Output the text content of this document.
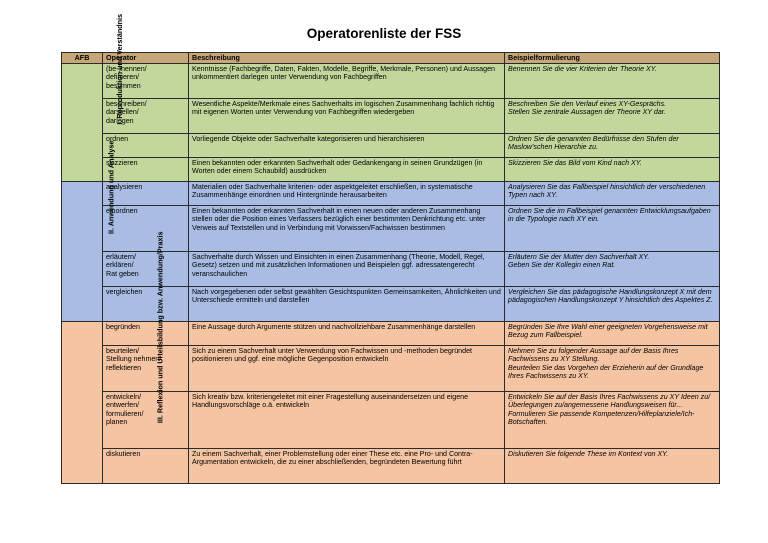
Operatorenliste der FSS
AFB	Operator	Beschreibung	Beispielformulierung
I. Reproduktion und Verständnis	(be-)nennen/
definieren/
bestimmen	Kenntnisse (Fachbegriffe, Daten, Fakten, Modelle, Begriffe, Merkmale, Personen) und Aussagen unkommentiert darlegen unter Verwendung von Fachbegriffen	Benennen Sie die vier Kriterien der Theorie XY.
	beschreiben/
darstellen/
darlegen	Wesentliche Aspekte/Merkmale eines Sachverhalts im logischen Zusammenhang fachlich richtig mit eigenen Worten unter Verwendung von Fachbegriffen wiedergeben	Beschreiben Sie den Verlauf eines XY-Gesprächs.
Stellen Sie zentrale Aussagen der Theorie XY dar.
	ordnen	Vorliegende Objekte oder Sachverhalte kategorisieren und hierarchisieren	Ordnen Sie die genannten Bedürfnisse den Stufen der Maslow'schen Hierarchie zu.
	skizzieren	Einen bekannten oder erkannten Sachverhalt oder Gedankengang in seinen Grundzügen (in Worten oder einem Schaubild) ausdrücken	Skizzieren Sie das Bild vom Kind nach XY.
II. Anwendung und Analyse	analysieren	Materialien oder Sachverhalte kriterien- oder aspektgeleitet erschließen, in systematische Zusammenhänge einordnen und Hintergründe herausarbeiten	Analysieren Sie das Fallbeispiel hinsichtlich der verschiedenen Typen nach XY.
	einordnen	Einen bekannten oder erkannten Sachverhalt in einen neuen oder anderen Zusammenhang stellen oder die Position eines Verfassers bezüglich einer bestimmten Denkrichtung etc. unter Verweis auf Textstellen und in Verbindung mit Vorwissen/Fachwissen bestimmen	Ordnen Sie die im Fallbeispiel genannten Entwicklungsaufgaben in die Typologie nach XY ein.
	erläutern/
erklären/
Rat geben	Sachverhalte durch Wissen und Einsichten in einen Zusammenhang (Theorie, Modell, Regel, Gesetz) setzen und mit zusätzlichen Informationen und Beispielen ggf. adressatengerecht veranschaulichen	Erläutern Sie der Mutter den Sachverhalt XY.
Geben Sie der Kollegin einen Rat.
	vergleichen	Nach vorgegebenen oder selbst gewählten Gesichtspunkten Gemeinsamkeiten, Ähnlichkeiten und Unterschiede ermitteln und darstellen	Vergleichen Sie das pädagogische Handlungskonzept X mit dem pädagogischen Handlungskonzept Y hinsichtlich des Aspektes Z.
III. Reflexion und Urteilsbildung bzw. Anwendung/Praxis	begründen	Eine Aussage durch Argumente stützen und nachvollziehbare Zusammenhänge darstellen	Begründen Sie Ihre Wahl einer geeigneten Vorgehensweise mit Bezug zum Fallbeispiel.
	beurteilen/
Stellung nehmen/
reflektieren	Sich zu einem Sachverhalt unter Verwendung von Fachwissen und -methoden begründet positionieren und ggf. eine mögliche Gegenposition entwickeln	Nehmen Sie zu folgender Aussage auf der Basis Ihres Fachwissens zu XY Stellung.
Beurteilen Sie das Vorgehen der Erzieherin auf der Grundlage Ihres Fachwissens zu XY.
	entwickeln/
entwerfen/
formulieren/
planen	Sich kreativ bzw. kriteriengeleitet mit einer Fragestellung auseinandersetzen und eigene Handlungsvorschläge o.ä. entwickeln	Entwickeln Sie auf der Basis Ihres Fachwissens zu XY Ideen zu/Überlegungen zu/angemessene Handlungsweisen für...
Formulieren Sie passende Kompetenzen/Hilfeplanziele/Ich-Botschaften.
	diskutieren	Zu einem Sachverhalt, einer Problemstellung oder einer These etc. eine Pro- und Contra-Argumentation entwickeln, die zu einer abschließenden, begründeten Bewertung führt	Diskutieren Sie folgende These im Kontext von XY.
